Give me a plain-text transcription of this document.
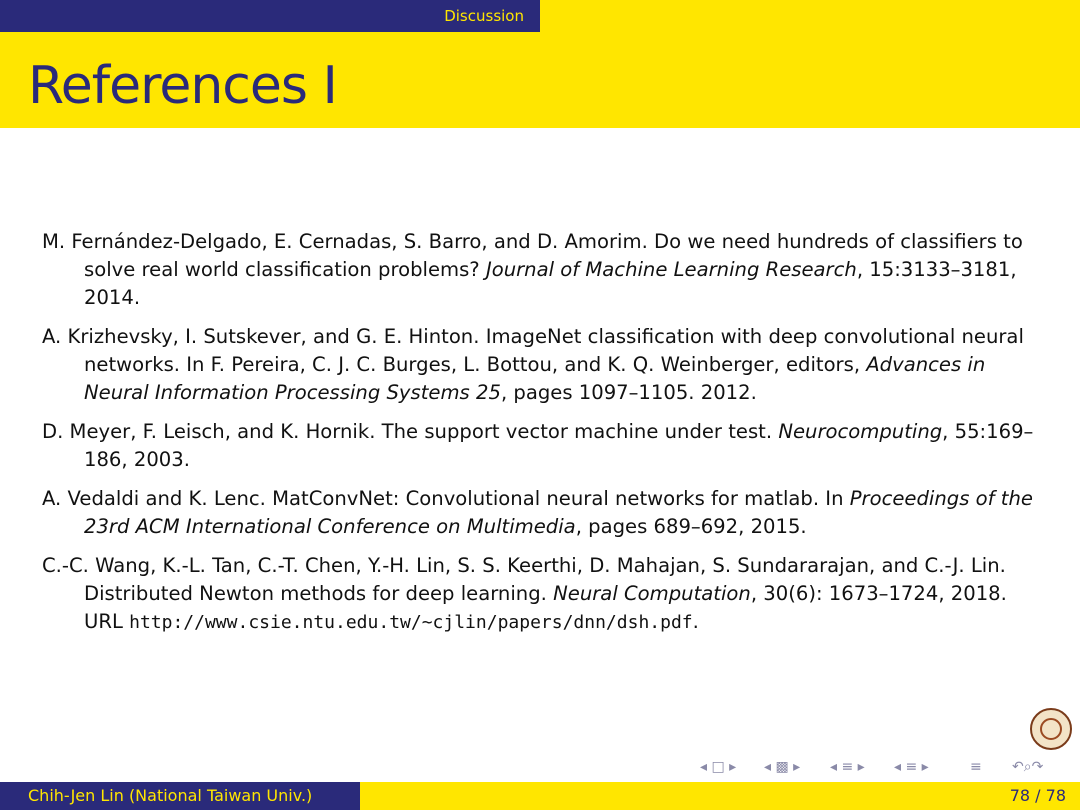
Discussion
References I
M. Fernández-Delgado, E. Cernadas, S. Barro, and D. Amorim. Do we need hundreds of classifiers to solve real world classification problems? Journal of Machine Learning Research, 15:3133–3181, 2014.
A. Krizhevsky, I. Sutskever, and G. E. Hinton. ImageNet classification with deep convolutional neural networks. In F. Pereira, C. J. C. Burges, L. Bottou, and K. Q. Weinberger, editors, Advances in Neural Information Processing Systems 25, pages 1097–1105. 2012.
D. Meyer, F. Leisch, and K. Hornik. The support vector machine under test. Neurocomputing, 55:169–186, 2003.
A. Vedaldi and K. Lenc. MatConvNet: Convolutional neural networks for matlab. In Proceedings of the 23rd ACM International Conference on Multimedia, pages 689–692, 2015.
C.-C. Wang, K.-L. Tan, C.-T. Chen, Y.-H. Lin, S. S. Keerthi, D. Mahajan, S. Sundararajan, and C.-J. Lin. Distributed Newton methods for deep learning. Neural Computation, 30(6): 1673–1724, 2018. URL http://www.csie.ntu.edu.tw/~cjlin/papers/dnn/dsh.pdf.
◂ □ ▸ ◂ ▩ ▸ ◂ ≡ ▸ ◂ ≡ ▸	≡ ↶⌕↷
Chih-Jen Lin (National Taiwan Univ.)	78 / 78
